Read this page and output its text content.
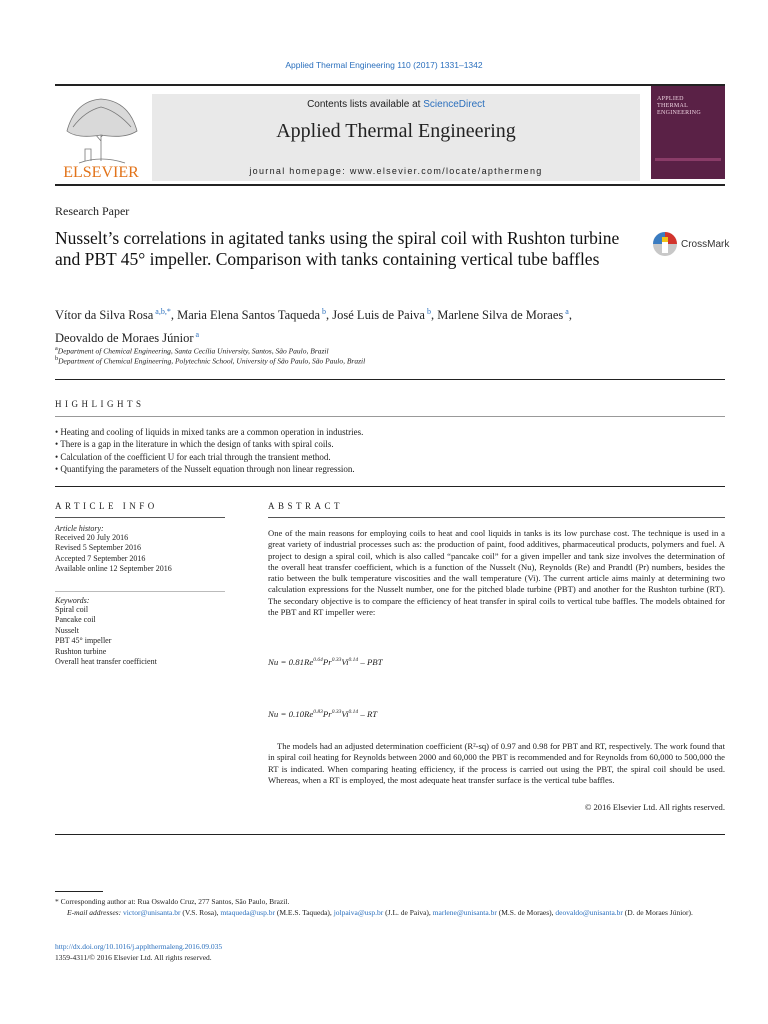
Applied Thermal Engineering 110 (2017) 1331–1342
ELSEVIER
Contents lists available at ScienceDirect
Applied Thermal Engineering
journal homepage: www.elsevier.com/locate/apthermeng
APPLIED THERMAL ENGINEERING
Research Paper
Nusselt’s correlations in agitated tanks using the spiral coil with Rushton turbine and PBT 45° impeller. Comparison with tanks containing vertical tube baffles
CrossMark
Vítor da Silva Rosa $^{a,b,*}$, Maria Elena Santos Taqueda $^b$, José Luis de Paiva $^b$, Marlene Silva de Moraes $^a$,
Deovaldo de Moraes Júnior $^a$
$^a$Department of Chemical Engineering, Santa Cecília University, Santos, São Paulo, Brazil
$^b$Department of Chemical Engineering, Polytechnic School, University of São Paulo, São Paulo, Brazil
HIGHLIGHTS
• Heating and cooling of liquids in mixed tanks are a common operation in industries.
• There is a gap in the literature in which the design of tanks with spiral coils.
• Calculation of the coefficient U for each trial through the transient method.
• Quantifying the parameters of the Nusselt equation through non linear regression.
ARTICLE INFO
Article history:
Received 20 July 2016
Revised 5 September 2016
Accepted 7 September 2016
Available online 12 September 2016
Keywords:
Spiral coil
Pancake coil
Nusselt
PBT 45° impeller
Rushton turbine
Overall heat transfer coefficient
ABSTRACT
One of the main reasons for employing coils to heat and cool liquids in tanks is its low purchase cost. The technique is used in a great variety of industrial processes such as: the production of paint, food additives, pharmaceutical products, polymers and fuel. A project to design a spiral coil, which is also called “pancake coil” for a given impeller and tank size involves the determination of the overall heat transfer coefficient, which is a function of the Nusselt (Nu), Reynolds (Re) and Prandtl (Pr) numbers, besides the ratio between the bulk temperature viscosities and the wall temperature (Vi). The current article aims mainly at determining two calculation expressions for the Nusselt number, one for the pitched blade turbine (PBT) and another for the Rushton turbine (RT). The secondary objective is to compare the efficiency of heat transfer in spiral coils to vertical tube baffles. The models obtained for the PBT and RT impeller were:
$Nu = 0.81Re^{0.64}Pr^{0.33}Vi^{0.14}$ – PBT
$Nu = 0.10Re^{0.83}Pr^{0.33}Vi^{0.14}$ – RT
The models had an adjusted determination coefficient (R²-sq) of 0.97 and 0.98 for PBT and RT, respectively. The work found that in spiral coil heating for Reynolds between 2000 and 60,000 the PBT is recommended and for Reynolds from 60,000 to 500,000 the RT is indicated. When comparing heating efficiency, if the process is carried out using the PBT, the spiral coil should be used. Whereas, when a RT is employed, the most adequate heat transfer surface is the vertical tube baffles.
© 2016 Elsevier Ltd. All rights reserved.
* Corresponding author at: Rua Oswaldo Cruz, 277 Santos, São Paulo, Brazil.
E-mail addresses: victor@unisanta.br (V.S. Rosa), mtaqueda@usp.br (M.E.S. Taqueda), jolpaiva@usp.br (J.L. de Paiva), marlene@unisanta.br (M.S. de Moraes), deovaldo@unisanta.br (D. de Moraes Júnior).
http://dx.doi.org/10.1016/j.applthermaleng.2016.09.035
1359-4311/© 2016 Elsevier Ltd. All rights reserved.
